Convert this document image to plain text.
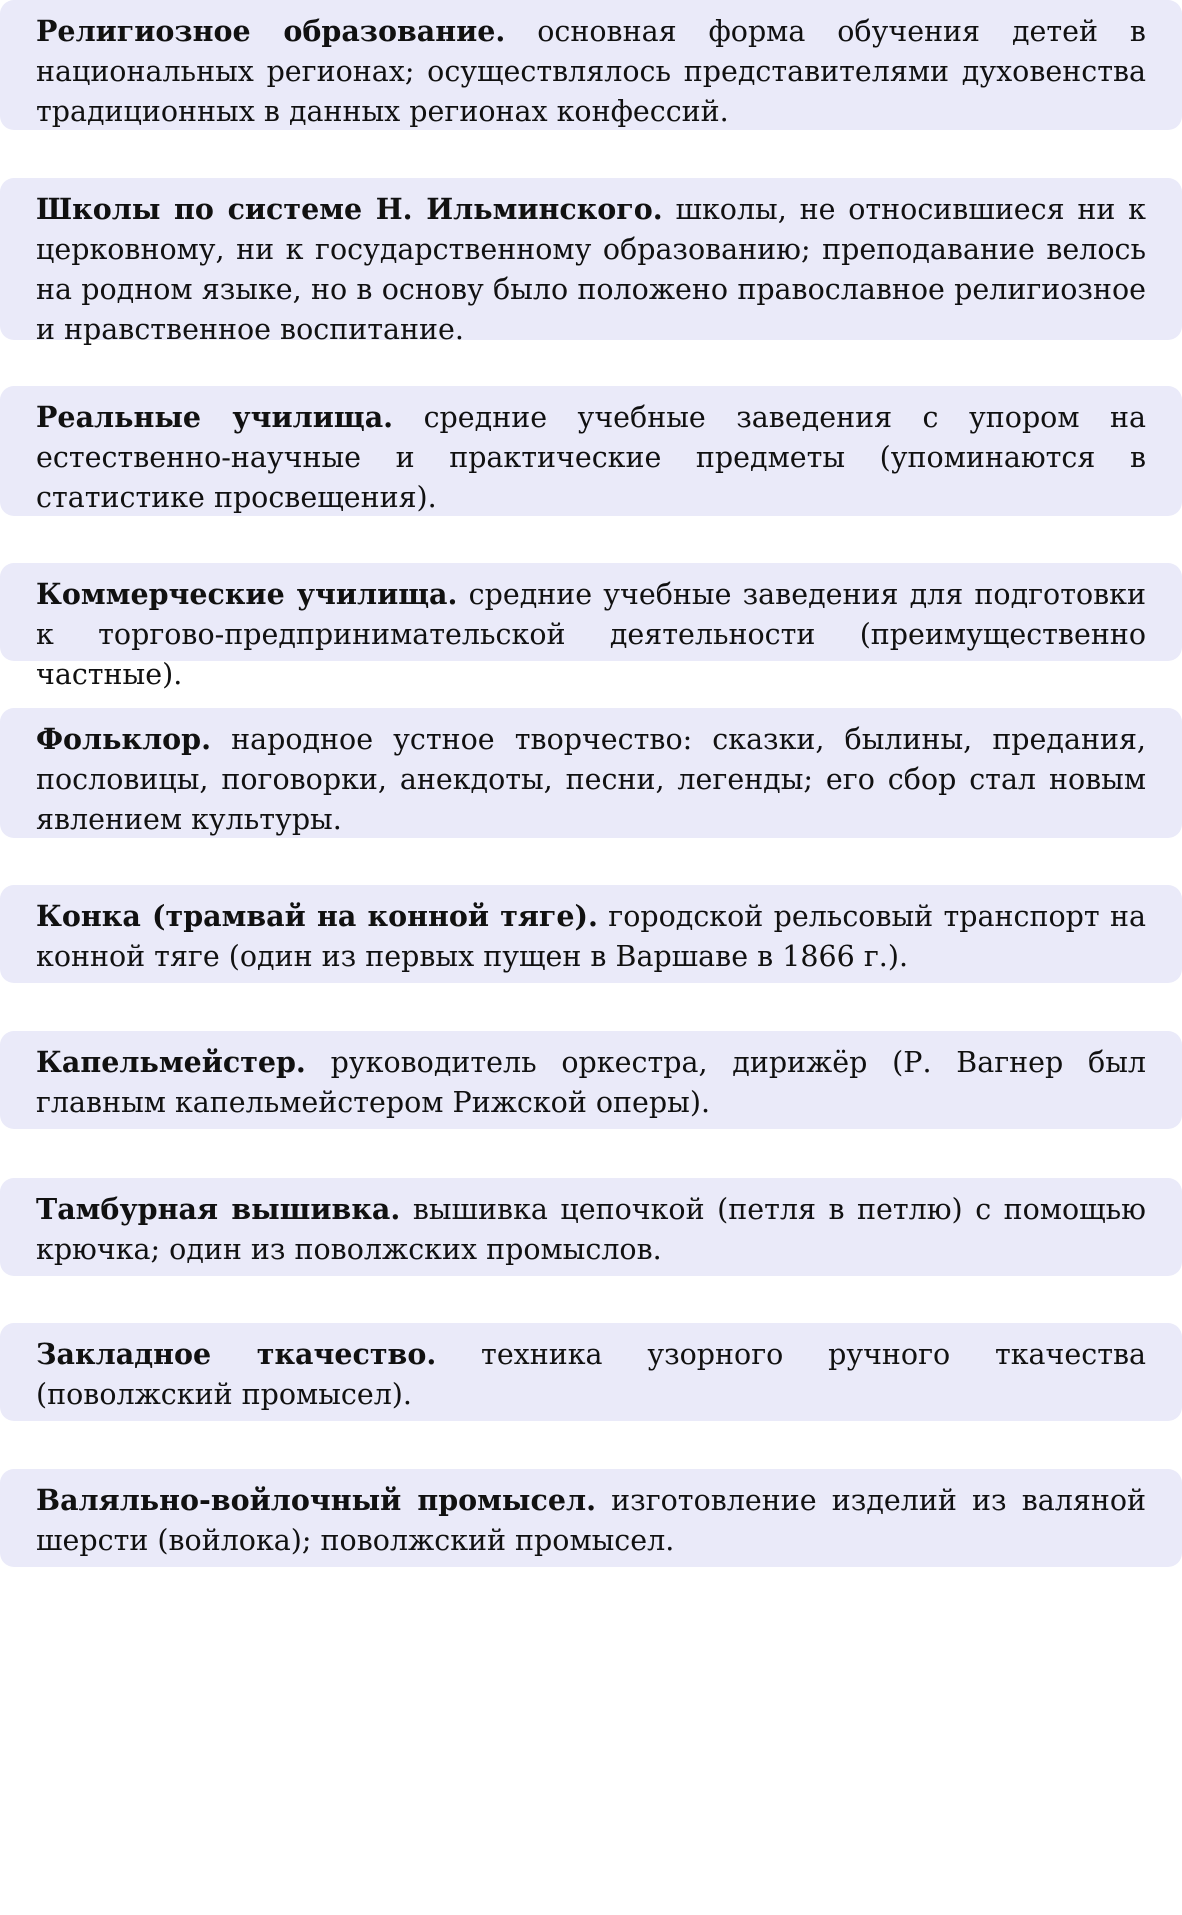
Религиозное образование. основная форма обучения детей в национальных регионах; осуществлялось представителями духовенства традиционных в данных регионах конфессий.

Школы по системе Н. Ильминского. школы, не относившиеся ни к церковному, ни к государственному образованию; преподавание велось на родном языке, но в основу было положено православное религиозное и нравственное воспитание.

Реальные училища. средние учебные заведения с упором на естественно-научные и практические предметы (упоминаются в статистике просвещения).

Коммерческие училища. средние учебные заведения для подготовки к торгово-предпринимательской деятельности (преимущественно частные).

Фольклор. народное устное творчество: сказки, былины, предания, пословицы, поговорки, анекдоты, песни, легенды; его сбор стал новым явлением культуры.

Конка (трамвай на конной тяге). городской рельсовый транспорт на конной тяге (один из первых пущен в Варшаве в 1866 г.).

Капельмейстер. руководитель оркестра, дирижёр (Р. Вагнер был главным капельмейстером Рижской оперы).

Тамбурная вышивка. вышивка цепочкой (петля в петлю) с помощью крючка; один из поволжских промыслов.

Закладное ткачество. техника узорного ручного ткачества (поволжский промысел).

Валяльно-войлочный промысел. изготовление изделий из валяной шерсти (войлока); поволжский промысел.
